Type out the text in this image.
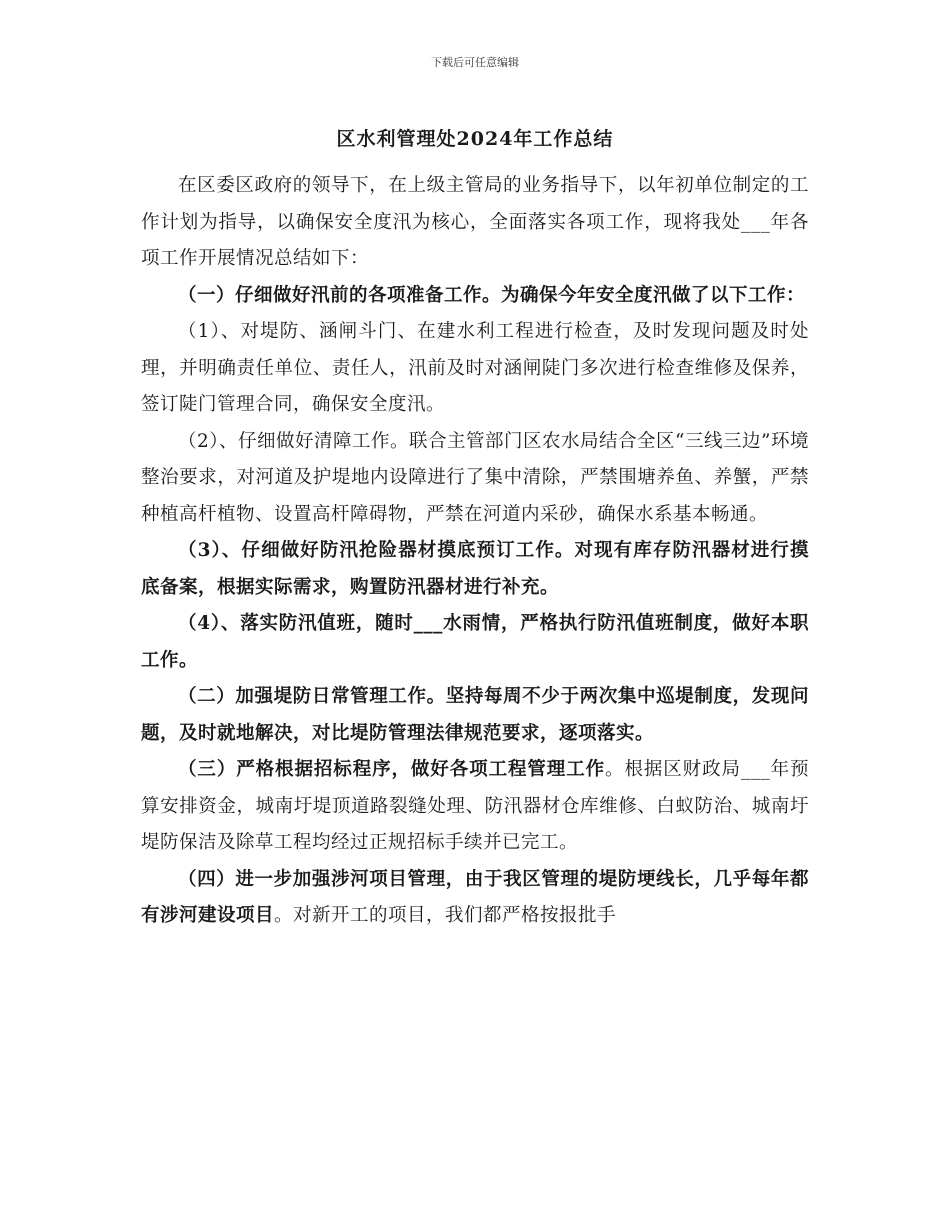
下载后可任意编辑
区水利管理处2024年工作总结

在区委区政府的领导下，在上级主管局的业务指导下，以年初单位制定的工作计划为指导，以确保安全度汛为核心，全面落实各项工作，现将我处___年各项工作开展情况总结如下：

（一）仔细做好汛前的各项准备工作。为确保今年安全度汛做了以下工作：

（1）、对堤防、涵闸斗门、在建水利工程进行检查，及时发现问题及时处理，并明确责任单位、责任人，汛前及时对涵闸陡门多次进行检查维修及保养，签订陡门管理合同，确保安全度汛。

（2）、仔细做好清障工作。联合主管部门区农水局结合全区“三线三边”环境整治要求，对河道及护堤地内设障进行了集中清除，严禁围塘养鱼、养蟹，严禁种植高杆植物、设置高杆障碍物，严禁在河道内采砂，确保水系基本畅通。

（3）、仔细做好防汛抢险器材摸底预订工作。对现有库存防汛器材进行摸底备案，根据实际需求，购置防汛器材进行补充。

（4）、落实防汛值班，随时___水雨情，严格执行防汛值班制度，做好本职工作。

（二）加强堤防日常管理工作。坚持每周不少于两次集中巡堤制度，发现问题，及时就地解决，对比堤防管理法律规范要求，逐项落实。

（三）严格根据招标程序，做好各项工程管理工作。根据区财政局___年预算安排资金，城南圩堤顶道路裂缝处理、防汛器材仓库维修、白蚁防治、城南圩堤防保洁及除草工程均经过正规招标手续并已完工。

（四）进一步加强涉河项目管理，由于我区管理的堤防埂线长，几乎每年都有涉河建设项目。对新开工的项目，我们都严格按报批手
